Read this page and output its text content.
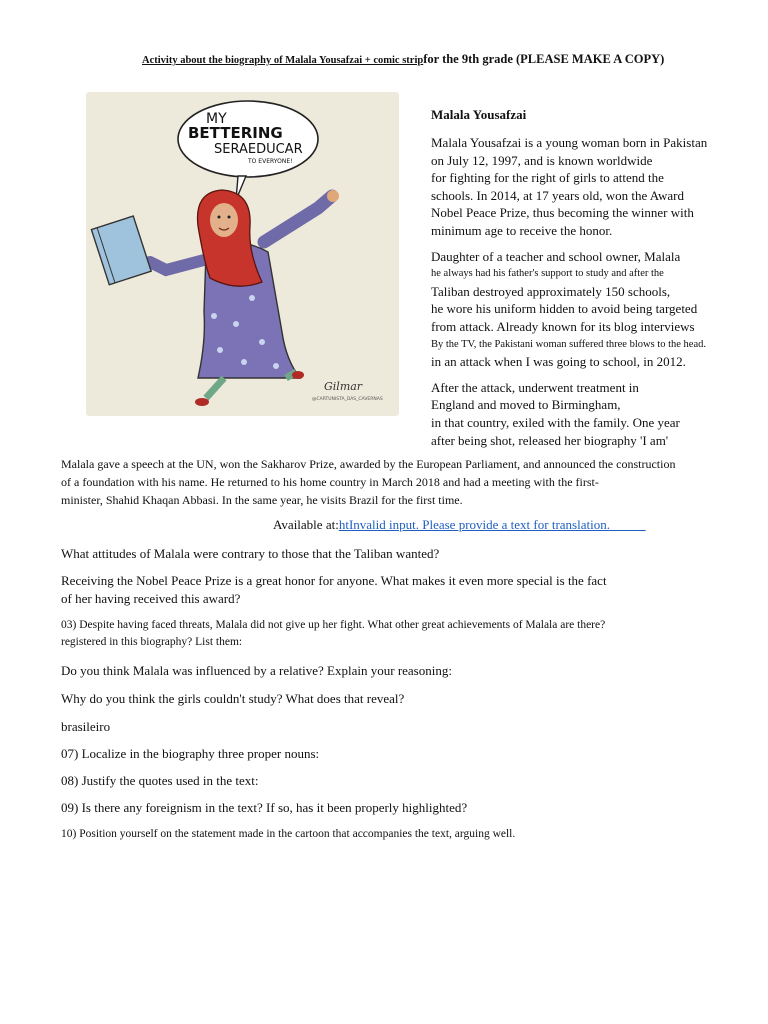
Activity about the biography of Malala Yousafzai + comic stripfor the 9th grade (PLEASE MAKE A COPY)
MY
BETTERING
SERAEDUCAR
TO EVERYONE!
Gilmar
@CARTUNISTA_DAS_CAVERNAS
Malala Yousafzai

Malala Yousafzai is a young woman born in Pakistan
on July 12, 1997, and is known worldwide
for fighting for the right of girls to attend the
schools. In 2014, at 17 years old, won the Award
Nobel Peace Prize, thus becoming the winner with
minimum age to receive the honor.

Daughter of a teacher and school owner, Malala
he always had his father's support to study and after the
Taliban destroyed approximately 150 schools,
he wore his uniform hidden to avoid being targeted
from attack. Already known for its blog interviews
By the TV, the Pakistani woman suffered three blows to the head.
in an attack when I was going to school, in 2012.

After the attack, underwent treatment in
England and moved to Birmingham,
in that country, exiled with the family. One year
after being shot, released her biography 'I am'

Malala gave a speech at the UN, won the Sakharov Prize, awarded by the European Parliament, and announced the construction
of a foundation with his name. He returned to his home country in March 2018 and had a meeting with the first-
minister, Shahid Khaqan Abbasi. In the same year, he visits Brazil for the first time.
Available at:htInvalid input. Please provide a text for translation.
What attitudes of Malala were contrary to those that the Taliban wanted?
Receiving the Nobel Peace Prize is a great honor for anyone. What makes it even more special is the fact
of her having received this award?
03) Despite having faced threats, Malala did not give up her fight. What other great achievements of Malala are there?
registered in this biography? List them:
Do you think Malala was influenced by a relative? Explain your reasoning:
Why do you think the girls couldn't study? What does that reveal?
brasileiro
07) Localize in the biography three proper nouns:
08) Justify the quotes used in the text:
09) Is there any foreignism in the text? If so, has it been properly highlighted?
10) Position yourself on the statement made in the cartoon that accompanies the text, arguing well.
